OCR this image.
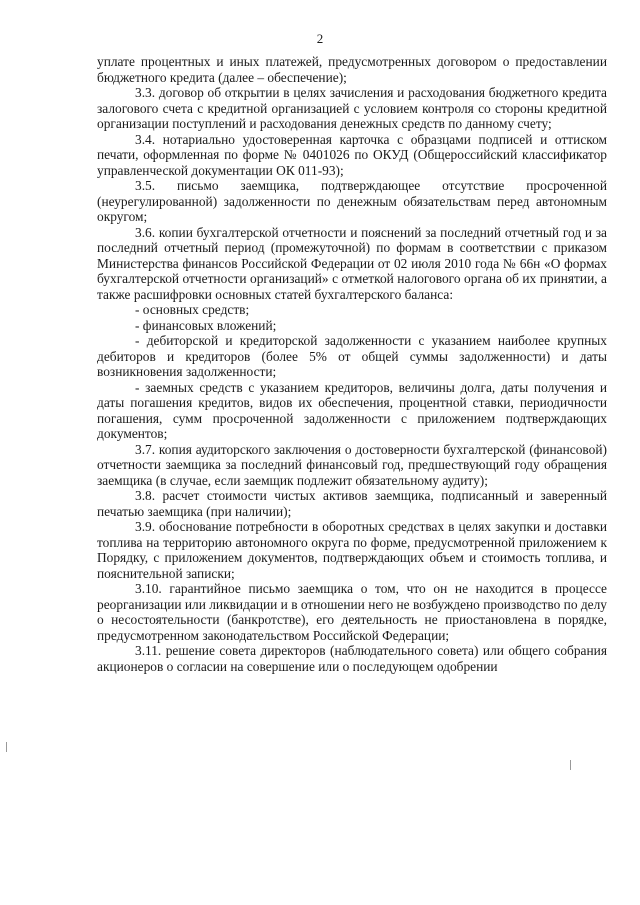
2

уплате процентных и иных платежей, предусмотренных договором о предоставлении бюджетного кредита (далее – обеспечение);

3.3. договор об открытии в целях зачисления и расходования бюджетного кредита залогового счета с кредитной организацией с условием контроля со стороны кредитной организации поступлений и расходования денежных средств по данному счету;

3.4. нотариально удостоверенная карточка с образцами подписей и оттиском печати, оформленная по форме № 0401026 по ОКУД (Общероссийский классификатор управленческой документации ОК 011-93);

3.5. письмо заемщика, подтверждающее отсутствие просроченной (неурегулированной) задолженности по денежным обязательствам перед автономным округом;

3.6. копии бухгалтерской отчетности и пояснений за последний отчетный год и за последний отчетный период (промежуточной) по формам в соответствии с приказом Министерства финансов Российской Федерации от 02 июля 2010 года № 66н «О формах бухгалтерской отчетности организаций» с отметкой налогового органа об их принятии, а также расшифровки основных статей бухгалтерского баланса:

- основных средств;

- финансовых вложений;

- дебиторской и кредиторской задолженности с указанием наиболее крупных дебиторов и кредиторов (более 5% от общей суммы задолженности) и даты возникновения задолженности;

- заемных средств с указанием кредиторов, величины долга, даты получения и даты погашения кредитов, видов их обеспечения, процентной ставки, периодичности погашения, сумм просроченной задолженности с приложением подтверждающих документов;

3.7. копия аудиторского заключения о достоверности бухгалтерской (финансовой) отчетности заемщика за последний финансовый год, предшествующий году обращения заемщика (в случае, если заемщик подлежит обязательному аудиту);

3.8. расчет стоимости чистых активов заемщика, подписанный и заверенный печатью заемщика (при наличии);

3.9. обоснование потребности в оборотных средствах в целях закупки и доставки топлива на территорию автономного округа по форме, предусмотренной приложением к Порядку, с приложением документов, подтверждающих объем и стоимость топлива, и пояснительной записки;

3.10. гарантийное письмо заемщика о том, что он не находится в процессе реорганизации или ликвидации и в отношении него не возбуждено производство по делу о несостоятельности (банкротстве), его деятельность не приостановлена в порядке, предусмотренном законодательством Российской Федерации;

3.11. решение совета директоров (наблюдательного совета) или общего собрания акционеров о согласии на совершение или о последующем одобрении
